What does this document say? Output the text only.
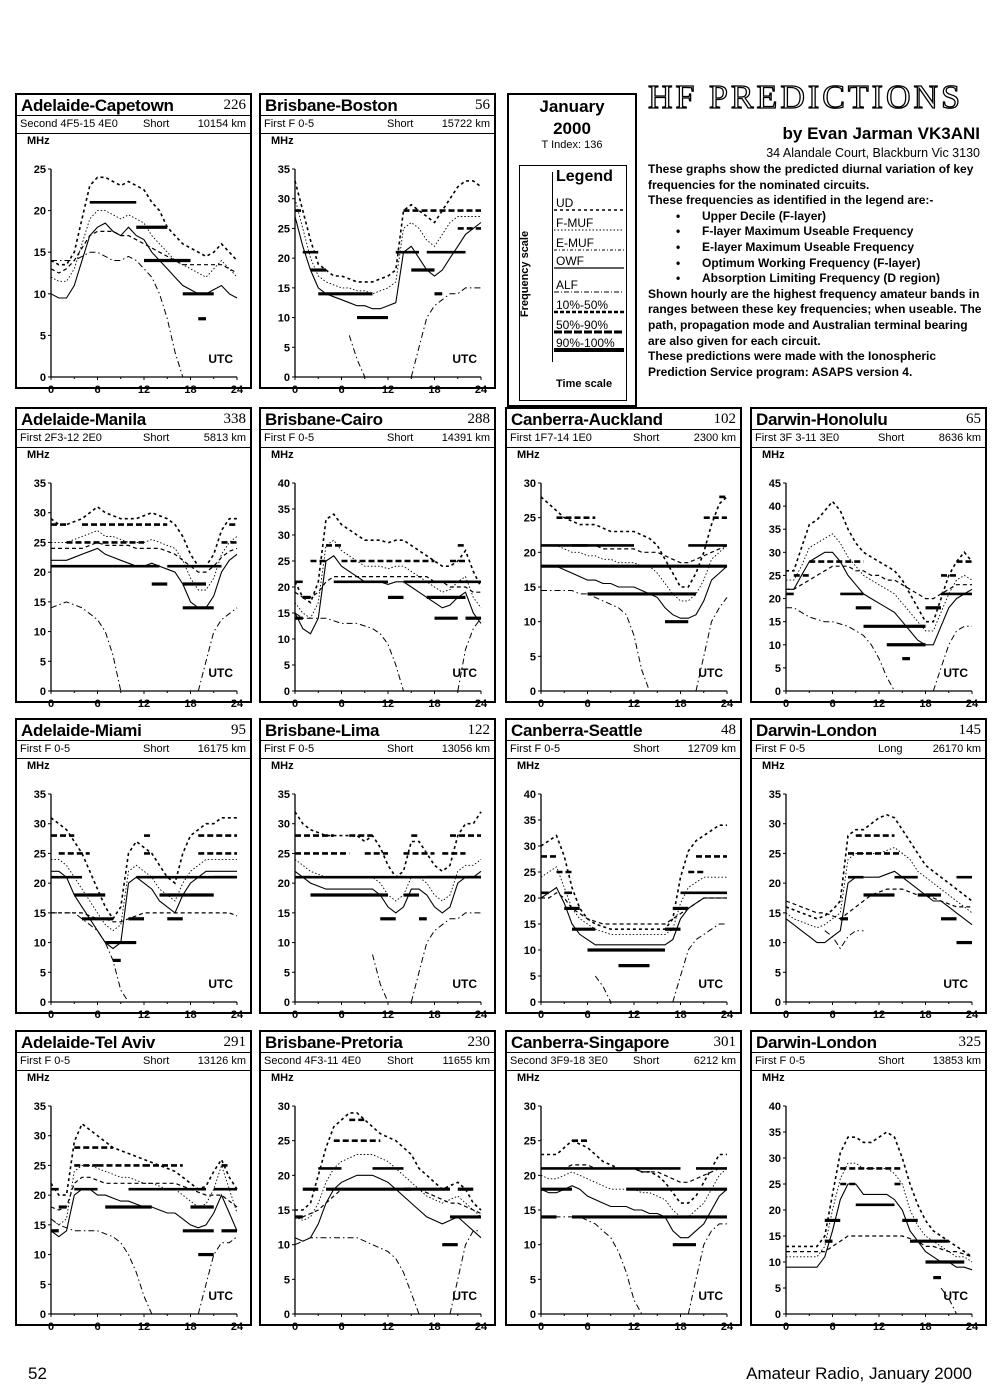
HF PREDICTIONS
by Evan Jarman VK3ANI
34 Alandale Court, Blackburn Vic 3130

These graphs show the predicted diurnal variation of key frequencies for the nominated circuits.

These frequencies as identified in the legend are:-

• Upper Decile (F-layer)
• F-layer Maximum Useable Frequency
• E-layer Maximum Useable Frequency
• Optimum Working Frequency (F-layer)
• Absorption Limiting Frequency (D region)

Shown hourly are the highest frequency amateur bands in ranges between these key frequencies; when useable. The path, propagation mode and Australian terminal bearing are also given for each circuit.

These predictions were made with the Ionospheric Prediction Service program: ASAPS version 4.

January
2000
T Index: 136
Frequency scale
Legend
UD
F-MUF
E-MUF
OWF
ALF
10%-50%
50%-90%
90%-100%
Time scale
Adelaide-Capetown	226
Second 4F5-15 4E0 Short	10154 km
MHz
0
5
10
15
20
25
0	6	12	18	24
UTC
Brisbane-Boston	56
First F 0-5	Short	15722 km
MHz
0
5
10
15
20
25
30
35
0	6	12	18	24
UTC
Adelaide-Manila	338
First 2F3-12 2E0	Short	5813 km
MHz
0
5
10
15
20
25
30
35
0	6	12	18	24
UTC
Brisbane-Cairo	288
First F 0-5	Short	14391 km
MHz
0
5
10
15
20
25
30
35
40
0	6	12	18	24
UTC
Canberra-Auckland	102
First 1F7-14 1E0	Short	2300 km
MHz
0
5
10
15
20
25
30
0	6	12	18	24
UTC
Darwin-Honolulu	65
First 3F 3-11 3E0	Short	8636 km
MHz
0
5
10
15
20
25
30
35
40
45
0	6	12	18	24
UTC
Adelaide-Miami	95
First F 0-5	Short	16175 km
MHz
0
5
10
15
20
25
30
35
0	6	12	18	24
UTC
Brisbane-Lima	122
First F 0-5	Short	13056 km
MHz
0
5
10
15
20
25
30
35
0	6	12	18	24
UTC
Canberra-Seattle	48
First F 0-5	Short	12709 km
MHz
0
5
10
15
20
25
30
35
40
0	6	12	18	24
UTC
Darwin-London	145
First F 0-5	Long	26170 km
MHz
0
5
10
15
20
25
30
35
0	6	12	18	24
UTC
Adelaide-Tel Aviv	291
First F 0-5	Short	13126 km
MHz
0
5
10
15
20
25
30
35
0	6	12	18	24
UTC
Brisbane-Pretoria	230
Second 4F3-11 4E0 Short	11655 km
MHz
0
5
10
15
20
25
30
0	6	12	18	24
UTC
Canberra-Singapore	301
Second 3F9-18 3E0 Short	6212 km
MHz
0
5
10
15
20
25
30
0	6	12	18	24
UTC
Darwin-London	325
First F 0-5	Short	13853 km
MHz
0
5
10
15
20
25
30
35
40
0	6	12	18	24
UTC
52	Amateur Radio, January 2000
